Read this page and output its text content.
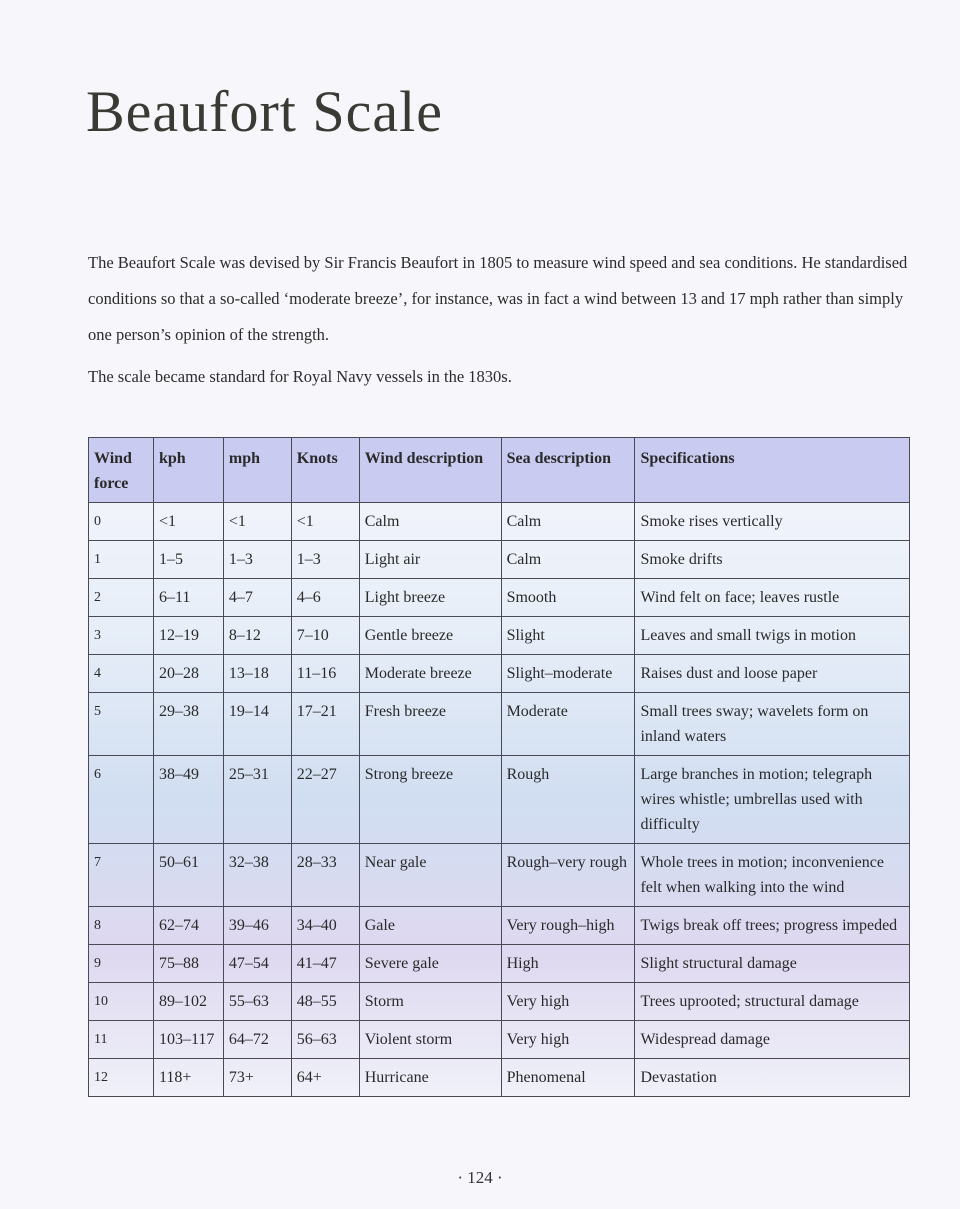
Beaufort Scale

The Beaufort Scale was devised by Sir Francis Beaufort in 1805 to measure wind speed and sea conditions. He standardised conditions so that a so-called ‘moderate breeze’, for instance, was in fact a wind between 13 and 17 mph rather than simply one person’s opinion of the strength.

The scale became standard for Royal Navy vessels in the 1830s.

Wind force	kph	mph	Knots	Wind description	Sea description	Specifications
0	<1	<1	<1	Calm	Calm	Smoke rises vertically
1	1–5	1–3	1–3	Light air	Calm	Smoke drifts
2	6–11	4–7	4–6	Light breeze	Smooth	Wind felt on face; leaves rustle
3	12–19	8–12	7–10	Gentle breeze	Slight	Leaves and small twigs in motion
4	20–28	13–18	11–16	Moderate breeze	Slight–moderate	Raises dust and loose paper
5	29–38	19–14	17–21	Fresh breeze	Moderate	Small trees sway; wavelets form on inland waters
6	38–49	25–31	22–27	Strong breeze	Rough	Large branches in motion; telegraph wires whistle; umbrellas used with difficulty
7	50–61	32–38	28–33	Near gale	Rough–very rough	Whole trees in motion; inconvenience felt when walking into the wind
8	62–74	39–46	34–40	Gale	Very rough–high	Twigs break off trees; progress impeded
9	75–88	47–54	41–47	Severe gale	High	Slight structural damage
10	89–102	55–63	48–55	Storm	Very high	Trees uprooted; structural damage
11	103–117	64–72	56–63	Violent storm	Very high	Widespread damage
12	118+	73+	64+	Hurricane	Phenomenal	Devastation
· 124 ·
